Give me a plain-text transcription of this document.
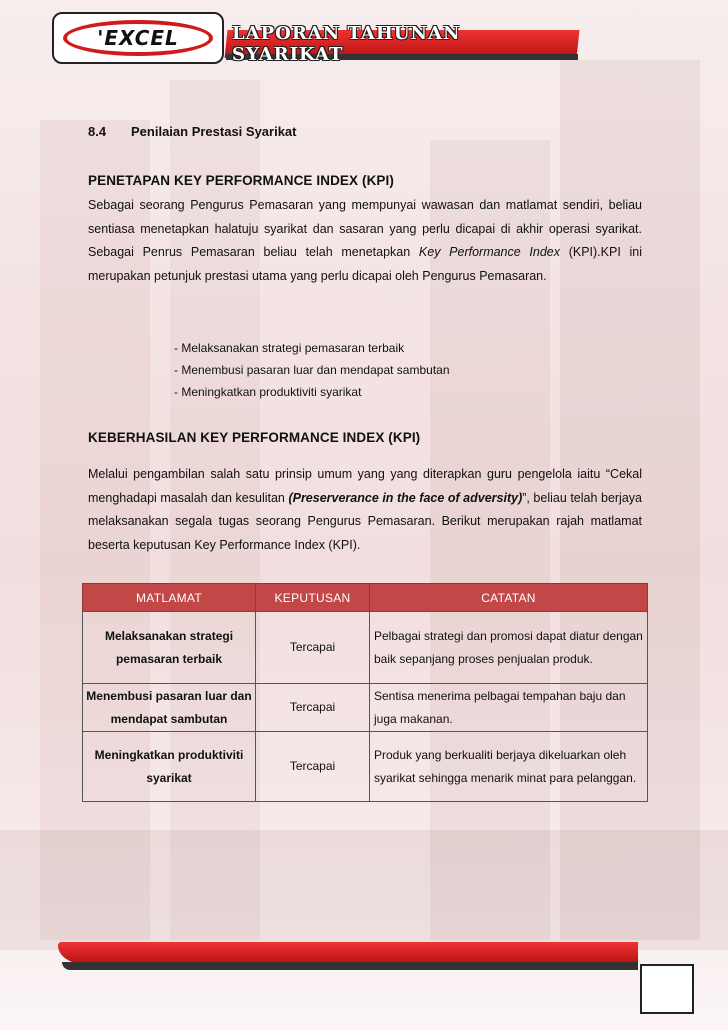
'EXCEL	LAPORAN TAHUNAN SYARIKAT
8.4 Penilaian Prestasi Syarikat
PENETAPAN KEY PERFORMANCE INDEX (KPI)
Sebagai seorang Pengurus Pemasaran yang mempunyai wawasan dan matlamat sendiri, beliau sentiasa menetapkan halatuju syarikat dan sasaran yang perlu dicapai di akhir operasi syarikat. Sebagai Penrus Pemasaran beliau telah menetapkan Key Performance Index (KPI).KPI ini merupakan petunjuk prestasi utama yang perlu dicapai oleh Pengurus Pemasaran.
- Melaksanakan strategi pemasaran terbaik
- Menembusi pasaran luar dan mendapat sambutan
- Meningkatkan produktiviti syarikat
KEBERHASILAN KEY PERFORMANCE INDEX (KPI)
Melalui pengambilan salah satu prinsip umum yang yang diterapkan guru pengelola iaitu “Cekal menghadapi masalah dan kesulitan (Preserverance in the face of adversity)”, beliau telah berjaya melaksanakan segala tugas seorang Pengurus Pemasaran. Berikut merupakan rajah matlamat beserta keputusan Key Performance Index (KPI).
MATLAMAT	KEPUTUSAN	CATATAN
Melaksanakan strategi pemasaran terbaik	Tercapai	Pelbagai strategi dan promosi dapat diatur dengan baik sepanjang proses penjualan produk.
Menembusi pasaran luar dan mendapat sambutan	Tercapai	Sentisa menerima pelbagai tempahan baju dan juga makanan.
Meningkatkan produktiviti syarikat	Tercapai	Produk yang berkualiti berjaya dikeluarkan oleh syarikat sehingga menarik minat para pelanggan.
